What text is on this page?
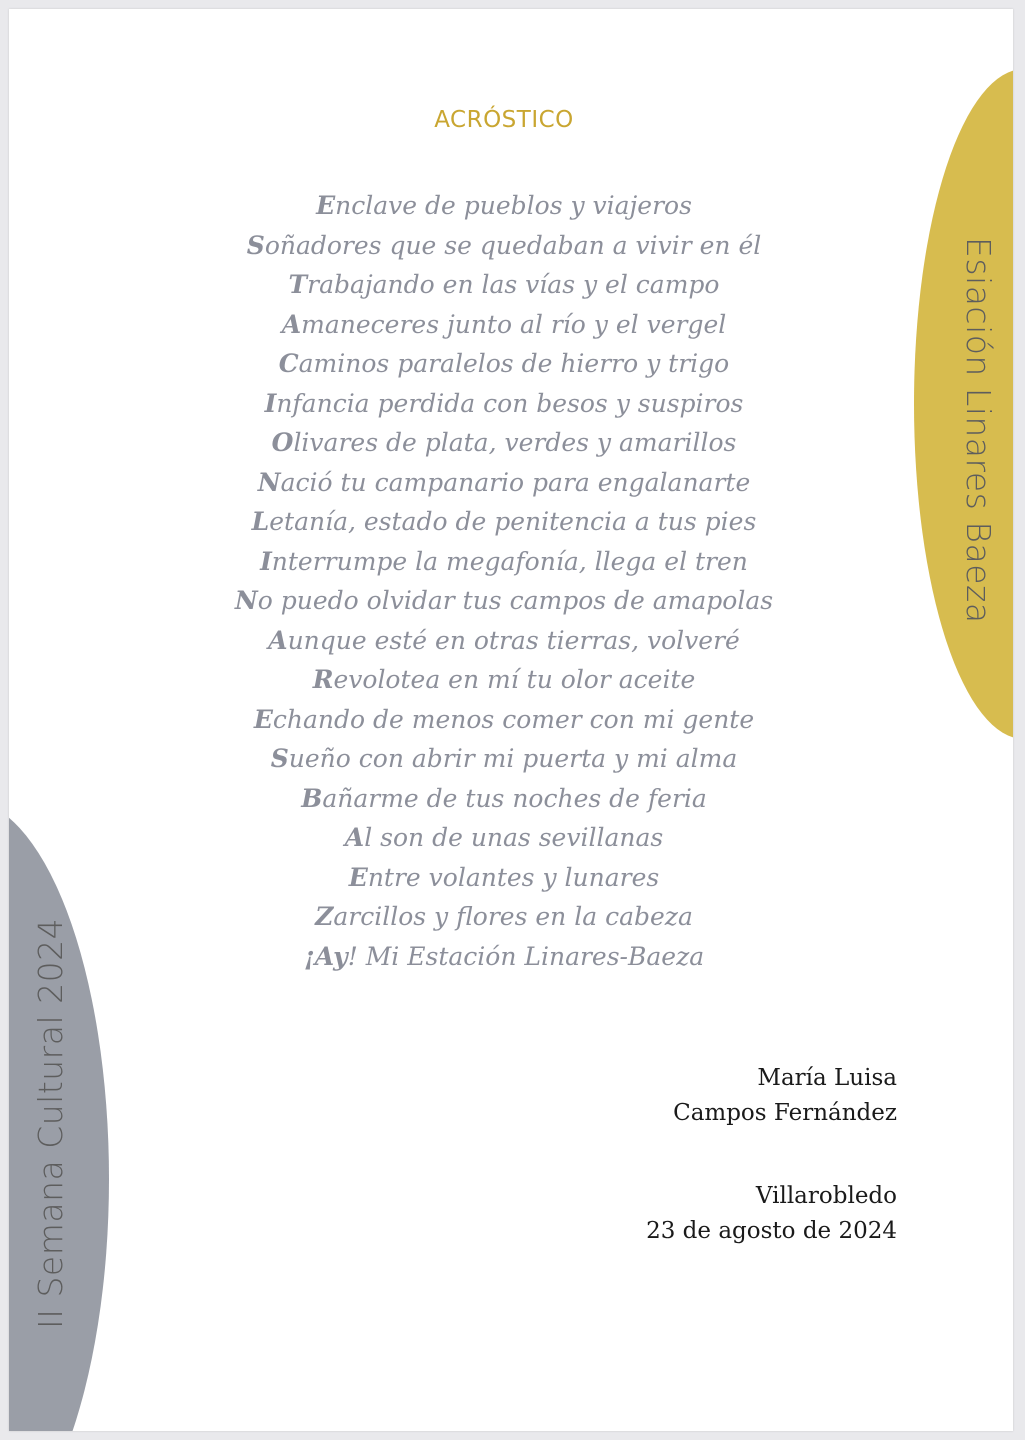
Esiación Linares Baeza
II Semana Cultural 2024
ACRÓSTICO
Enclave de pueblos y viajeros
Soñadores que se quedaban a vivir en él
Trabajando en las vías y el campo
Amaneceres junto al río y el vergel
Caminos paralelos de hierro y trigo
Infancia perdida con besos y suspiros
Olivares de plata, verdes y amarillos
Nació tu campanario para engalanarte
Letanía, estado de penitencia a tus pies
Interrumpe la megafonía, llega el tren
No puedo olvidar tus campos de amapolas
Aunque esté en otras tierras, volveré
Revolotea en mí tu olor aceite
Echando de menos comer con mi gente
Sueño con abrir mi puerta y mi alma
Bañarme de tus noches de feria
Al son de unas sevillanas
Entre volantes y lunares
Zarcillos y flores en la cabeza
¡Ay! Mi Estación Linares-Baeza
María Luisa
Campos Fernández
Villarobledo
23 de agosto de 2024
